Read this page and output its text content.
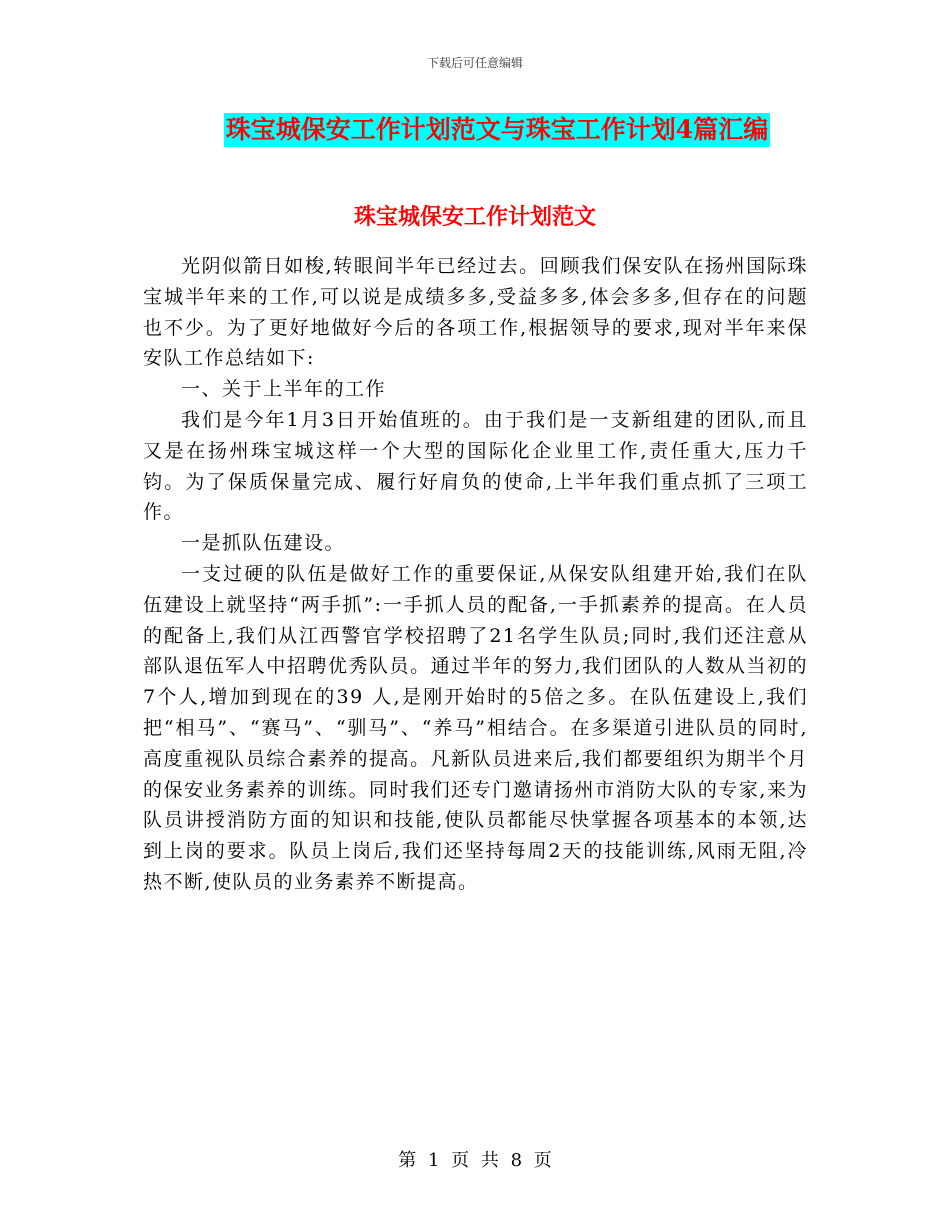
下载后可任意编辑
珠宝城保安工作计划范文与珠宝工作计划4篇汇编
珠宝城保安工作计划范文

光阴似箭日如梭,转眼间半年已经过去。回顾我们保安队在扬州国际珠宝城半年来的工作,可以说是成绩多多,受益多多,体会多多,但存在的问题也不少。为了更好地做好今后的各项工作,根据领导的要求,现对半年来保安队工作总结如下:

一、关于上半年的工作

我们是今年1月3日开始值班的。由于我们是一支新组建的团队,而且又是在扬州珠宝城这样一个大型的国际化企业里工作,责任重大,压力千钧。为了保质保量完成、履行好肩负的使命,上半年我们重点抓了三项工作。

一是抓队伍建设。

一支过硬的队伍是做好工作的重要保证,从保安队组建开始,我们在队伍建设上就坚持“两手抓”:一手抓人员的配备,一手抓素养的提高。在人员的配备上,我们从江西警官学校招聘了21名学生队员;同时,我们还注意从部队退伍军人中招聘优秀队员。通过半年的努力,我们团队的人数从当初的7个人,增加到现在的39 人,是刚开始时的5倍之多。在队伍建设上,我们把“相马”、“赛马”、“驯马”、“养马”相结合。在多渠道引进队员的同时,高度重视队员综合素养的提高。凡新队员进来后,我们都要组织为期半个月的保安业务素养的训练。同时我们还专门邀请扬州市消防大队的专家,来为队员讲授消防方面的知识和技能,使队员都能尽快掌握各项基本的本领,达到上岗的要求。队员上岗后,我们还坚持每周2天的技能训练,风雨无阻,冷热不断,使队员的业务素养不断提高。

第 1 页 共 8 页
